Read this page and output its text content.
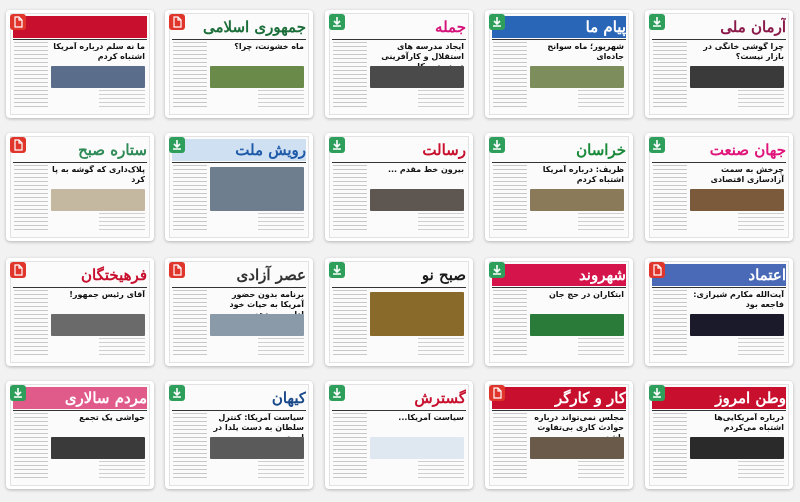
جوان
ما نه سلم درباره آمریکا اشتباه کردم
جمهوری اسلامی
ماه خشونت، چرا؟
جمله
ایجاد مدرسه های استقلال و کارآفرینی
پیام ما
شهریور؛ ماه سوانح جاده‌ای
آرمان ملی
چرا گوشی خانگی در بازار نیست؟
ستاره صبح
پلاک‌داری که گوشه به پا کرد
رویش ملت	رسالت
بیرون خط مقدم ...
خراسان
ظریف: درباره آمریکا اشتباه کردم
جهان صنعت
چرخش به سمت آزادسازی اقتصادی
فرهیختگان
آقای رئیس جمهور!
عصر آزادی
برنامه بدون حضور آمریکا به حیات خود
صبح نو	شهروند
ابتکاران در حج جان
اعتماد
آیت‌الله مکارم شیرازی: فاجعه بود
مردم سالاری
حواشی یک تجمع
کیهان
سیاست آمریکا: کنترل سلطان به دست یلدا در
گسترش
سیاست آمریکا...
کار و کارگر
مجلس نمی‌تواند درباره حوادث کاری بی‌تفاوت
وطن امروز
درباره آمریکایی‌ها اشتباه می‌کردم
